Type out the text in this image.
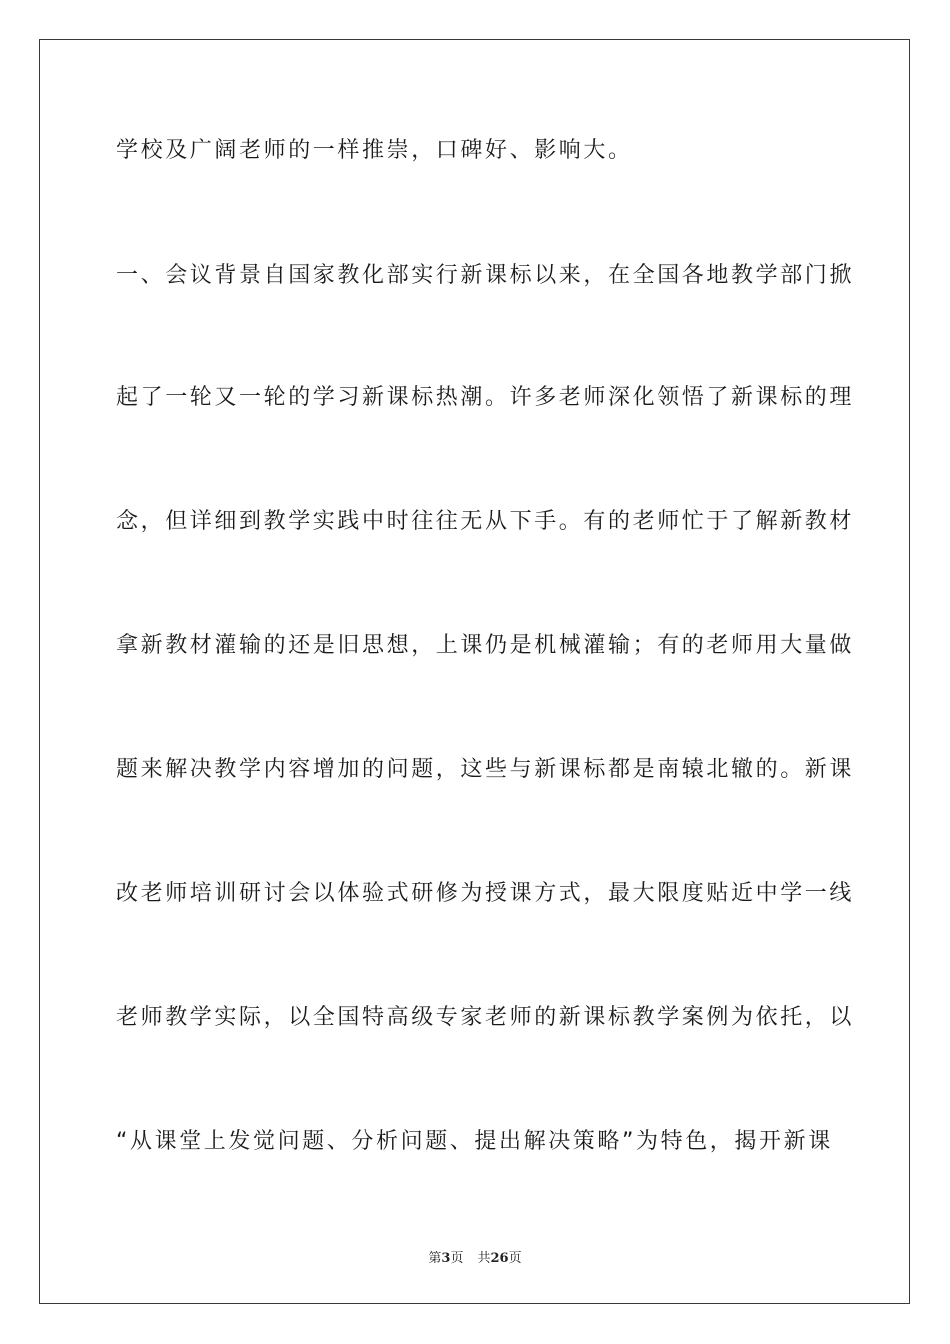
学校及广阔老师的一样推崇，口碑好、影响大。
一、会议背景自国家教化部实行新课标以来，在全国各地教学部门掀
起了一轮又一轮的学习新课标热潮。许多老师深化领悟了新课标的理
念，但详细到教学实践中时往往无从下手。有的老师忙于了解新教材
拿新教材灌输的还是旧思想，上课仍是机械灌输；有的老师用大量做
题来解决教学内容增加的问题，这些与新课标都是南辕北辙的。新课
改老师培训研讨会以体验式研修为授课方式，最大限度贴近中学一线
老师教学实际，以全国特高级专家老师的新课标教学案例为依托，以
“从课堂上发觉问题、分析问题、提出解决策略”为特色，揭开新课
第3页 共26页
